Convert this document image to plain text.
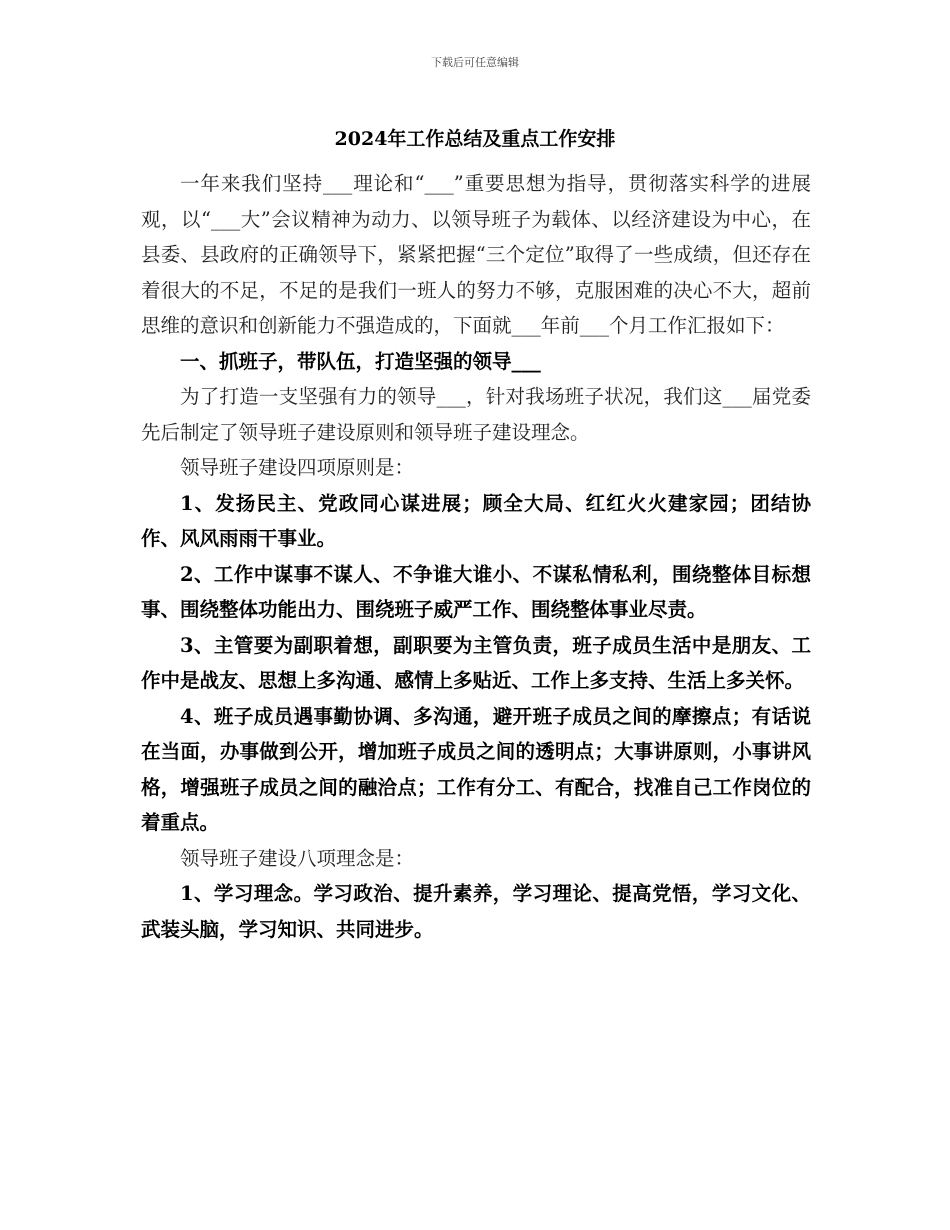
下载后可任意编辑
2024年工作总结及重点工作安排

一年来我们坚持___理论和“___”重要思想为指导，贯彻落实科学的进展观，以“___大”会议精神为动力、以领导班子为载体、以经济建设为中心，在县委、县政府的正确领导下，紧紧把握“三个定位”取得了一些成绩，但还存在着很大的不足，不足的是我们一班人的努力不够，克服困难的决心不大，超前思维的意识和创新能力不强造成的，下面就___年前___个月工作汇报如下：

一、抓班子，带队伍，打造坚强的领导___

为了打造一支坚强有力的领导___，针对我场班子状况，我们这___届党委先后制定了领导班子建设原则和领导班子建设理念。

领导班子建设四项原则是：

1、发扬民主、党政同心谋进展；顾全大局、红红火火建家园；团结协作、风风雨雨干事业。

2、工作中谋事不谋人、不争谁大谁小、不谋私情私利，围绕整体目标想事、围绕整体功能出力、围绕班子威严工作、围绕整体事业尽责。

3、主管要为副职着想，副职要为主管负责，班子成员生活中是朋友、工作中是战友、思想上多沟通、感情上多贴近、工作上多支持、生活上多关怀。

4、班子成员遇事勤协调、多沟通，避开班子成员之间的摩擦点；有话说在当面，办事做到公开，增加班子成员之间的透明点；大事讲原则，小事讲风格，增强班子成员之间的融洽点；工作有分工、有配合，找准自己工作岗位的着重点。

领导班子建设八项理念是：

1、学习理念。学习政治、提升素养，学习理论、提高党悟，学习文化、武装头脑，学习知识、共同进步。
